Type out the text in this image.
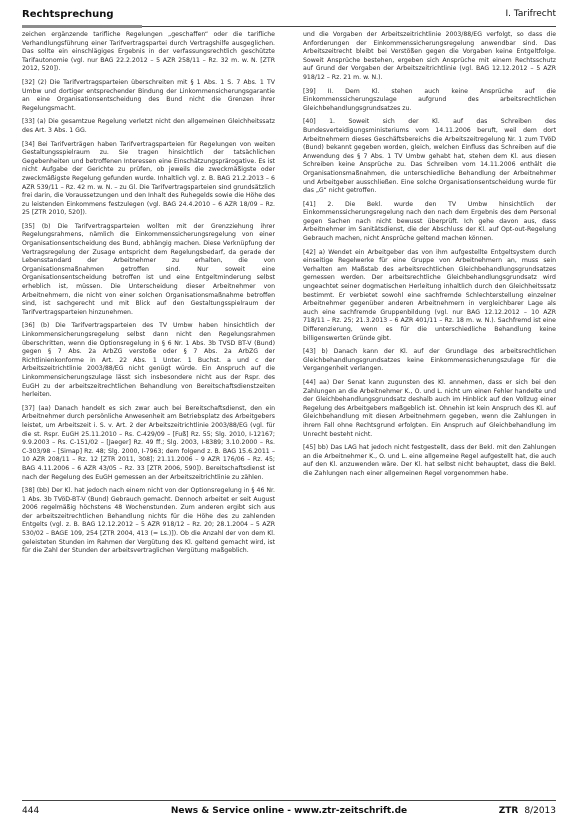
Rechtsprechung	I. Tarifrecht

zeichen ergänzende tarifliche Regelungen „geschaffen“ oder die tarifliche Verhandlungsführung einer Tarifvertragspartei durch Vertragshilfe ausgeglichen. Das sollte ein einschlägiges Ergebnis in der verfassungsrechtlich geschützte Tarifautonomie (vgl. nur BAG 22.2.2012 – 5 AZR 258/11 – Rz. 32 m. w. N. [ZTR 2012, 520]).

[32] (2) Die Tarifvertragsparteien überschreiten mit § 1 Abs. 1 S. 7 Abs. 1 TV Umbw und dortiger entsprechender Bindung der Linkommensicherungsgarantie an eine Organisationsentscheidung des Bund nicht die Grenzen ihrer Regelungsmacht.

[33] (a) Die gesamtzue Regelung verletzt nicht den allgemeinen Gleichheitssatz des Art. 3 Abs. 1 GG.

[34] Bei Tarifverträgen haben Tarifvertragsparteien für Regelungen von weiten Gestaltungsspielraum zu. Sie tragen hinsichtlich der tatsächlichen Gegebenheiten und betroffenen Interessen eine Einschätzungsprärogative. Es ist nicht Aufgabe der Gerichte zu prüfen, ob jeweils die zweckmäßigste oder zweckmäßigste Regelung gefunden wurde. Inhaltlich vgl. z. B. BAG 21.2.2013 – 6 AZR 539/11 – Rz. 42 m. w. N. – zu Gl. Die Tarifvertragsparteien sind grundsätzlich frei darin, die Voraussetzungen und den Inhalt des Ruhegelds sowie die Höhe des zu leistenden Einkommens festzulegen (vgl. BAG 24.4.2010 – 6 AZR 18/09 – Rz. 25 [ZTR 2010, 520]).

[35] (b) Die Tarifvertragsparteien wollten mit der Grenzziehung ihrer Regelungsrahmens, nämlich die Einkommenssicherungsregelung von einer Organisationsentscheidung des Bund, abhängig machen. Diese Verknüpfung der Vertragsregelung der Zusage entspricht dem Regelungsbedarf, da gerade der Lebensstandard der Arbeitnehmer zu erhalten, die von Organisationsmaßnahmen getroffen sind. Nur soweit eine Organisationsentscheidung betroffen ist und eine Entgeltminderung selbst erheblich ist, müssen. Die Unterscheidung dieser Arbeitnehmer von Arbeitnehmern, die nicht von einer solchen Organisationsmaßnahme betroffen sind, ist sachgerecht und mit Blick auf den Gestaltungsspielraum der Tarifvertragsparteien hinzunehmen.

[36] (b) Die Tarifvertragsparteien des TV Umbw haben hinsichtlich der Linkommensicherungsregelung selbst dann nicht den Regelungsrahmen überschritten, wenn die Optionsregelung in § 6 Nr. 1 Abs. 3b TVSD BT-V (Bund) gegen § 7 Abs. 2a ArbZG verstoße oder § 7 Abs. 2a ArbZG der Richtlinienkonforme in Art. 22 Abs. 1 Unter. 1 Buchst. a und c der Arbeitszeitrichtlinie 2003/88/EG nicht genügt würde. Ein Anspruch auf die Linkommensicherungszulage lässt sich insbesondere nicht aus der Rspr. des EuGH zu der arbeitszeitrechtlichen Behandlung von Bereitschaftsdienstzeiten herleiten.

[37] (aa) Danach handelt es sich zwar auch bei Bereitschaftsdienst, den ein Arbeitnehmer durch persönliche Anwesenheit am Betriebsplatz des Arbeitgebers leistet, um Arbeitszeit i. S. v. Art. 2 der Arbeitszeitrichtlinie 2003/88/EG (vgl. für die st. Rspr. EuGH 25.11.2010 – Rs. C-429/09 – [Fuß] Rz. 55; Slg. 2010, I-12167; 9.9.2003 – Rs. C-151/02 – [Jaeger] Rz. 49 ff.; Slg. 2003, I-8389; 3.10.2000 – Rs. C-303/98 – [Simap] Rz. 48; Slg. 2000, I-7963; dem folgend z. B. BAG 15.6.2011 – 10 AZR 208/11 – Rz. 12 [ZTR 2011, 308]; 21.11.2006 – 9 AZR 176/06 – Rz. 45; BAG 4.11.2006 – 6 AZR 43/05 – Rz. 33 [ZTR 2006, 590]). Bereitschaftsdienst ist nach der Regelung des EuGH gemessen an der Arbeitszeitrichtlinie zu zählen.

[38] (bb) Der Kl. hat jedoch nach einem nicht von der Optionsregelung in § 46 Nr. 1 Abs. 3b TVöD-BT-V (Bund) Gebrauch gemacht. Dennoch arbeitet er seit August 2006 regelmäßig höchstens 48 Wochenstunden. Zum anderen ergibt sich aus der arbeitszeitrechtlichen Behandlung nichts für die Höhe des zu zahlenden Entgelts (vgl. z. B. BAG 12.12.2012 – 5 AZR 918/12 – Rz. 20; 28.1.2004 – 5 AZR 530/02 – BAGE 109, 254 [ZTR 2004, 413 (= Ls.)]). Ob die Anzahl der von dem Kl. geleisteten Stunden im Rahmen der Vergütung des Kl. geltend gemacht wird, ist für die Zahl der Stunden der arbeitsvertraglichen Vergütung maßgeblich.

und die Vorgaben der Arbeitszeitrichtlinie 2003/88/EG verfolgt, so dass die Anforderungen der Einkommenssicherungsregelung anwendbar sind. Das Arbeitszeitrecht bleibt bei Verstößen gegen die Vorgaben keine Entgeltfolge. Soweit Ansprüche bestehen, ergeben sich Ansprüche mit einem Rechtsschutz auf Grund der Vorgaben der Arbeitszeitrichtlinie (vgl. BAG 12.12.2012 – 5 AZR 918/12 – Rz. 21 m. w. N.).

[39] II. Dem Kl. stehen auch keine Ansprüche auf die Einkommenssicherungszulage aufgrund des arbeitsrechtlichen Gleichbehandlungsgrundsatzes zu.

[40] 1. Soweit sich der Kl. auf das Schreiben des Bundesverteidigungsministeriums vom 14.11.2006 beruft, weil dem dort Arbeitnehmern dieses Geschäftsbereichs die Arbeitszeitregelung Nr. 1 zum TVöD (Bund) bekannt gegeben worden, gleich, welchen Einfluss das Schreiben auf die Anwendung des § 7 Abs. 1 TV Umbw gehabt hat, stehen dem Kl. aus diesen Schreiben keine Ansprüche zu. Das Schreiben vom 14.11.2006 enthält die Organisationsmaßnahmen, die unterschiedliche Behandlung der Arbeitnehmer und Arbeitgeber ausschließen. Eine solche Organisationsentscheidung wurde für das „G“ nicht getroffen.

[41] 2. Die Bekl. wurde den TV Umbw hinsichtlich der Einkommenssicherungsregelung nach den nach dem Ergebnis des dem Personal gegen Sachen nach nicht bewusst überprüft. Ich gehe davon aus, dass Arbeitnehmer im Sanitätsdienst, die der Abschluss der Kl. auf Opt-out-Regelung Gebrauch machen, nicht Ansprüche geltend machen können.

[42] a) Wendet ein Arbeitgeber das von ihm aufgestellte Entgeltsystem durch einseitige Regelwerke für eine Gruppe von Arbeitnehmern an, muss sein Verhalten am Maßstab des arbeitsrechtlichen Gleichbehandlungsgrundsatzes gemessen werden. Der arbeitsrechtliche Gleichbehandlungsgrundsatz wird ungeachtet seiner dogmatischen Herleitung inhaltlich durch den Gleichheitssatz bestimmt. Er verbietet sowohl eine sachfremde Schlechterstellung einzelner Arbeitnehmer gegenüber anderen Arbeitnehmern in vergleichbarer Lage als auch eine sachfremde Gruppenbildung (vgl. nur BAG 12.12.2012 – 10 AZR 718/11 – Rz. 25; 21.3.2013 – 6 AZR 401/11 – Rz. 18 m. w. N.). Sachfremd ist eine Differenzierung, wenn es für die unterschiedliche Behandlung keine billigenswerten Gründe gibt.

[43] b) Danach kann der Kl. auf der Grundlage des arbeitsrechtlichen Gleichbehandlungsgrundsatzes keine Einkommenssicherungszulage für die Vergangenheit verlangen.

[44] aa) Der Senat kann zugunsten des Kl. annehmen, dass er sich bei den Zahlungen an die Arbeitnehmer K., O. und L. nicht um einen Fehler handelte und der Gleichbehandlungsgrundsatz deshalb auch im Hinblick auf den Vollzug einer Regelung des Arbeitgebers maßgeblich ist. Ohnehin ist kein Anspruch des Kl. auf Gleichbehandlung mit diesen Arbeitnehmern gegeben, wenn die Zahlungen in ihrem Fall ohne Rechtsgrund erfolgten. Ein Anspruch auf Gleichbehandlung im Unrecht besteht nicht.

[45] bb) Das LAG hat jedoch nicht festgestellt, dass der Bekl. mit den Zahlungen an die Arbeitnehmer K., O. und L. eine allgemeine Regel aufgestellt hat, die auch auf den Kl. anzuwenden wäre. Der Kl. hat selbst nicht behauptet, dass die Bekl. die Zahlungen nach einer allgemeinen Regel vorgenommen habe.

444	News & Service online - www.ztr-zeitschrift.de	ZTR 8/2013
